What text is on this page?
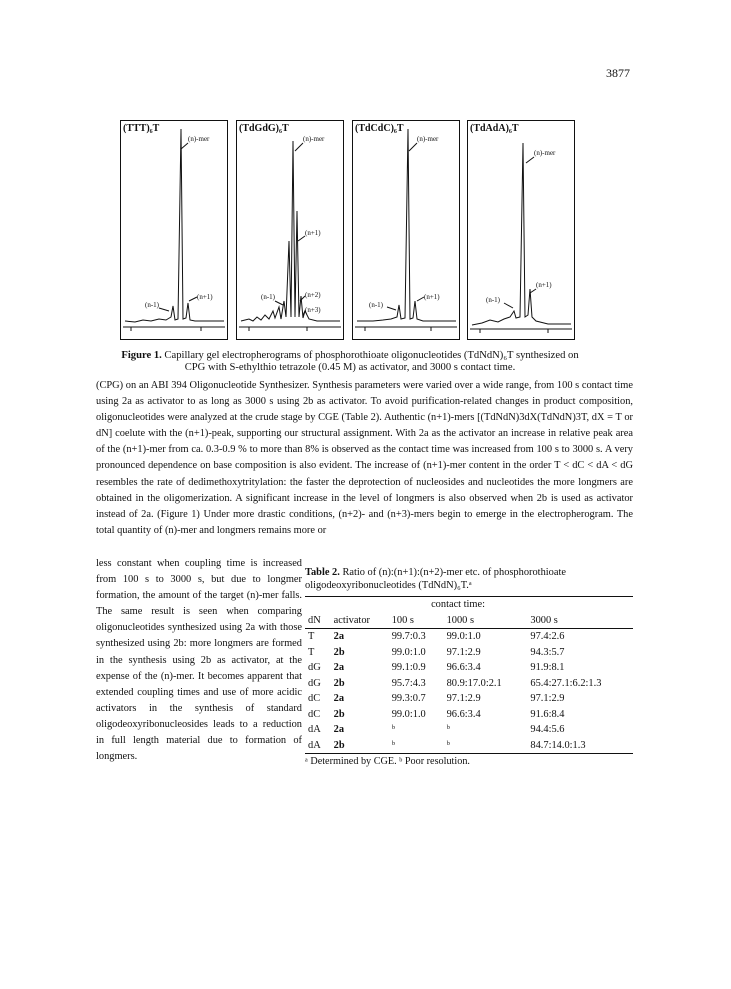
3877
(TTT)₆T
(n)-mer
(n-1)
(n+1)
(TdGdG)₆T
(n)-mer
(n+1)
(n-1)	(n+2)
(n+3)
(TdCdC)₆T
(n)-mer
(n-1)
(n+1)
(TdAdA)₆T
(n)-mer
(n+1)
(n-1)
Figure 1. Capillary gel electropherograms of phosphorothioate oligonucleotides (TdNdN)₆T synthesized on CPG with S-ethylthio tetrazole (0.45 M) as activator, and 3000 s contact time.

(CPG) on an ABI 394 Oligonucleotide Synthesizer. Synthesis parameters were varied over a wide range, from 100 s contact time using 2a as activator to as long as 3000 s using 2b as activator. To avoid purification-related changes in product composition, oligonucleotides were analyzed at the crude stage by CGE (Table 2). Authentic (n+1)-mers [(TdNdN)3dX(TdNdN)3T, dX = T or dN] coelute with the (n+1)-peak, supporting our structural assignment. With 2a as the activator an increase in relative peak area of the (n+1)-mer from ca. 0.3-0.9 % to more than 8% is observed as the contact time was increased from 100 s to 3000 s. A very pronounced dependence on base composition is also evident. The increase of (n+1)-mer content in the order T < dC < dA < dG resembles the rate of dedimethoxytritylation: the faster the deprotection of nucleosides and nucleotides the more longmers are obtained in the oligomerization. A significant increase in the level of longmers is also observed when 2b is used as activator instead of 2a. (Figure 1) Under more drastic conditions, (n+2)- and (n+3)-mers begin to emerge in the electropherogram. The total quantity of (n)-mer and longmers remains more or

less constant when coupling time is increased from 100 s to 3000 s, but due to longmer formation, the amount of the target (n)-mer falls. The same result is seen when comparing oligonucleotides synthesized using 2a with those synthesized using 2b: more longmers are formed in the synthesis using 2b as activator, at the expense of the (n)-mer. It becomes apparent that extended coupling times and use of more acidic activators in the synthesis of standard oligodeoxyribonucleosides leads to a reduction in full length material due to formation of longmers.

Table 2. Ratio of (n):(n+1):(n+2)-mer etc. of phosphorothioate oligodeoxyribonucleotides (TdNdN)₆T.ᵃ
		contact time:		
dN	activator	100 s	1000 s	3000 s

T	2a	99.7:0.3	99.0:1.0	97.4:2.6
T	2b	99.0:1.0	97.1:2.9	94.3:5.7
dG	2a	99.1:0.9	96.6:3.4	91.9:8.1
dG	2b	95.7:4.3	80.9:17.0:2.1	65.4:27.1:6.2:1.3
dC	2a	99.3:0.7	97.1:2.9	97.1:2.9
dC	2b	99.0:1.0	96.6:3.4	91.6:8.4
dA	2a	ᵇ	ᵇ	94.4:5.6
dA	2b	ᵇ	ᵇ	84.7:14.0:1.3
ᵃ Determined by CGE. ᵇ Poor resolution.
